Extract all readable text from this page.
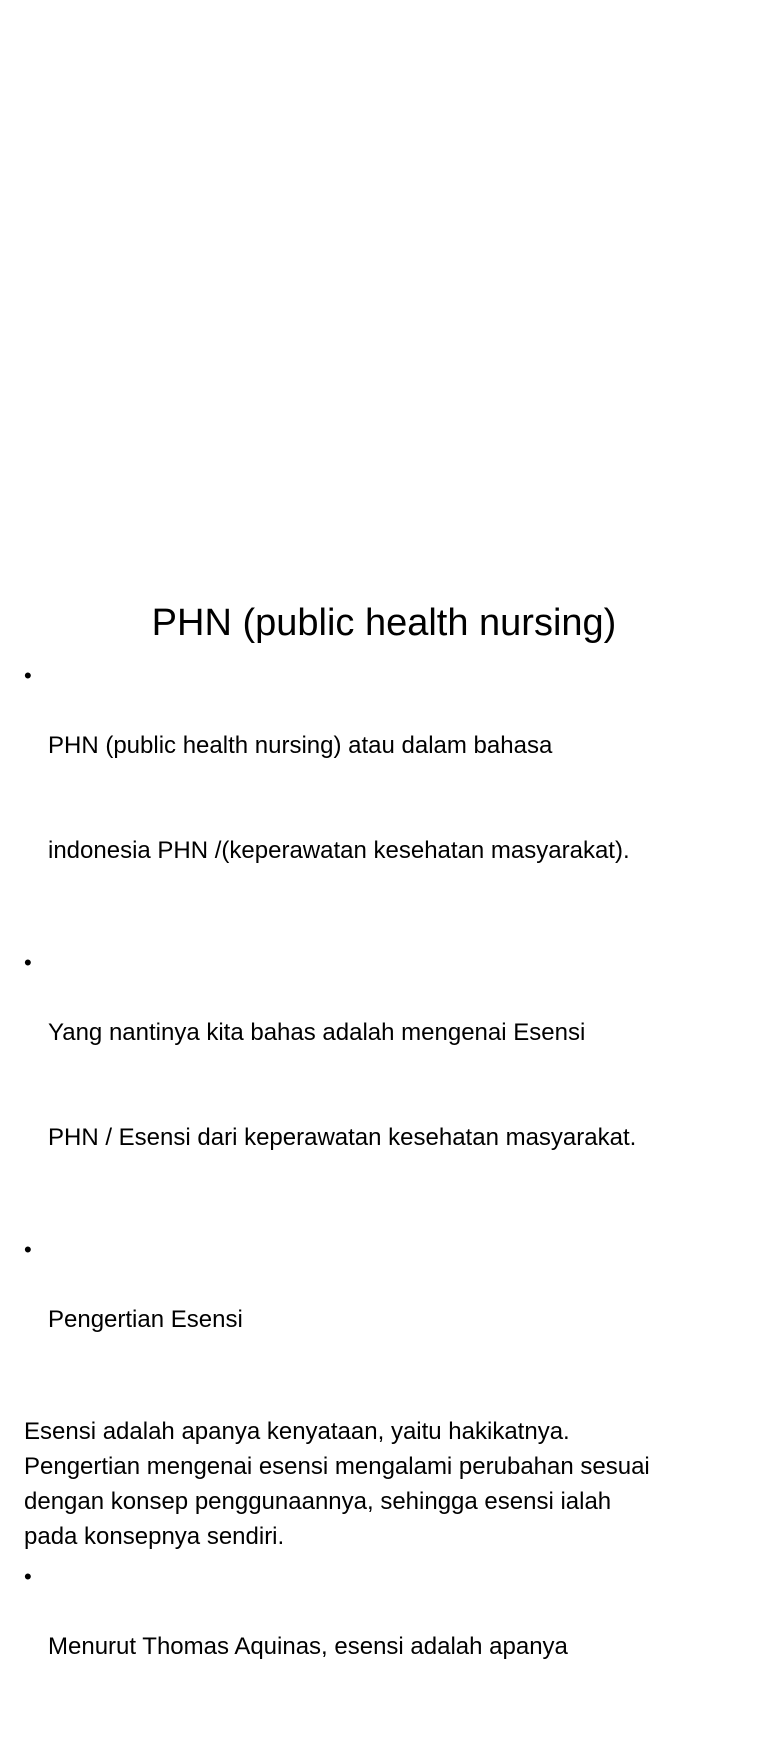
PHN (public health nursing)
•

PHN (public health nursing) atau dalam bahasa

indonesia PHN /(keperawatan kesehatan masyarakat).

•

Yang nantinya kita bahas adalah mengenai Esensi

PHN / Esensi dari keperawatan kesehatan masyarakat.

•

Pengertian Esensi

Esensi adalah apanya kenyataan, yaitu hakikatnya.
Pengertian mengenai esensi mengalami perubahan sesuai
dengan konsep penggunaannya, sehingga esensi ialah
pada konsepnya sendiri.
•

Menurut Thomas Aquinas, esensi adalah apanya
